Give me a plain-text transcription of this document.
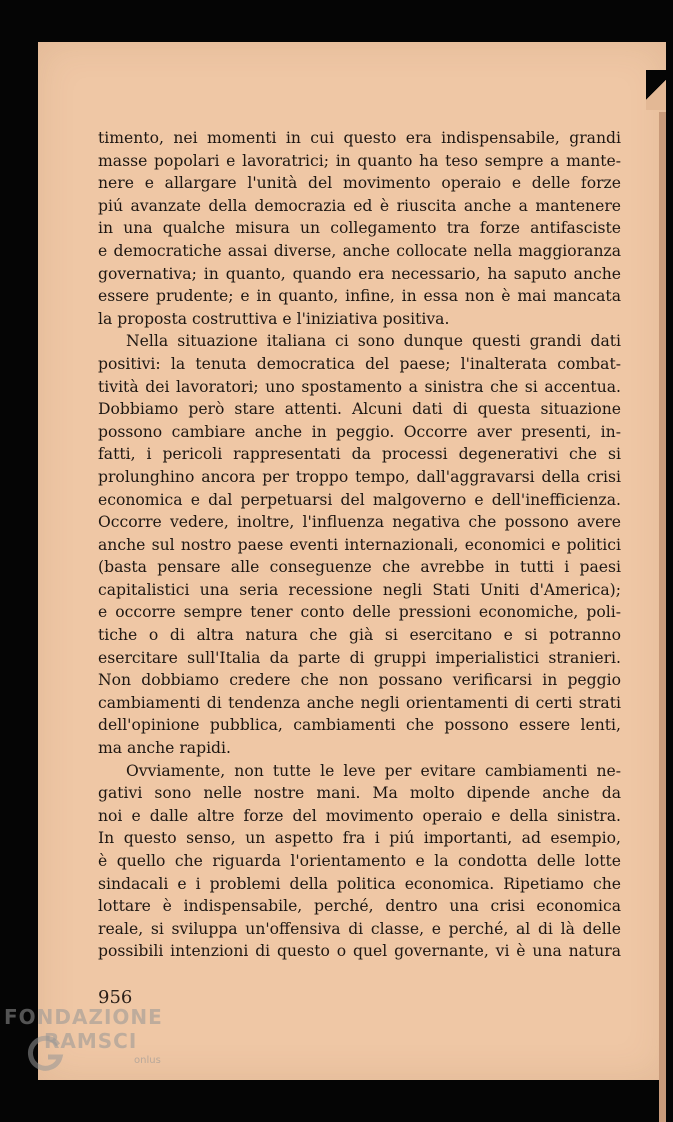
timento, nei momenti in cui questo era indispensabile, grandi
masse popolari e lavoratrici; in quanto ha teso sempre a mante-
nere e allargare l'unità del movimento operaio e delle forze
piú avanzate della democrazia ed è riuscita anche a mantenere
in una qualche misura un collegamento tra forze antifasciste
e democratiche assai diverse, anche collocate nella maggioranza
governativa; in quanto, quando era necessario, ha saputo anche
essere prudente; e in quanto, infine, in essa non è mai mancata
la proposta costruttiva e l'iniziativa positiva.
Nella situazione italiana ci sono dunque questi grandi dati
positivi: la tenuta democratica del paese; l'inalterata combat-
tività dei lavoratori; uno spostamento a sinistra che si accentua.
Dobbiamo però stare attenti. Alcuni dati di questa situazione
possono cambiare anche in peggio. Occorre aver presenti, in-
fatti, i pericoli rappresentati da processi degenerativi che si
prolunghino ancora per troppo tempo, dall'aggravarsi della crisi
economica e dal perpetuarsi del malgoverno e dell'inefficienza.
Occorre vedere, inoltre, l'influenza negativa che possono avere
anche sul nostro paese eventi internazionali, economici e politici
(basta pensare alle conseguenze che avrebbe in tutti i paesi
capitalistici una seria recessione negli Stati Uniti d'America);
e occorre sempre tener conto delle pressioni economiche, poli-
tiche o di altra natura che già si esercitano e si potranno
esercitare sull'Italia da parte di gruppi imperialistici stranieri.
Non dobbiamo credere che non possano verificarsi in peggio
cambiamenti di tendenza anche negli orientamenti di certi strati
dell'opinione pubblica, cambiamenti che possono essere lenti,
ma anche rapidi.
Ovviamente, non tutte le leve per evitare cambiamenti ne-
gativi sono nelle nostre mani. Ma molto dipende anche da
noi e dalle altre forze del movimento operaio e della sinistra.
In questo senso, un aspetto fra i piú importanti, ad esempio,
è quello che riguarda l'orientamento e la condotta delle lotte
sindacali e i problemi della politica economica. Ripetiamo che
lottare è indispensabile, perché, dentro una crisi economica
reale, si sviluppa un'offensiva di classe, e perché, al di là delle
possibili intenzioni di questo o quel governante, vi è una natura
956
FONDAZIONE
RAMSCI
onlus
